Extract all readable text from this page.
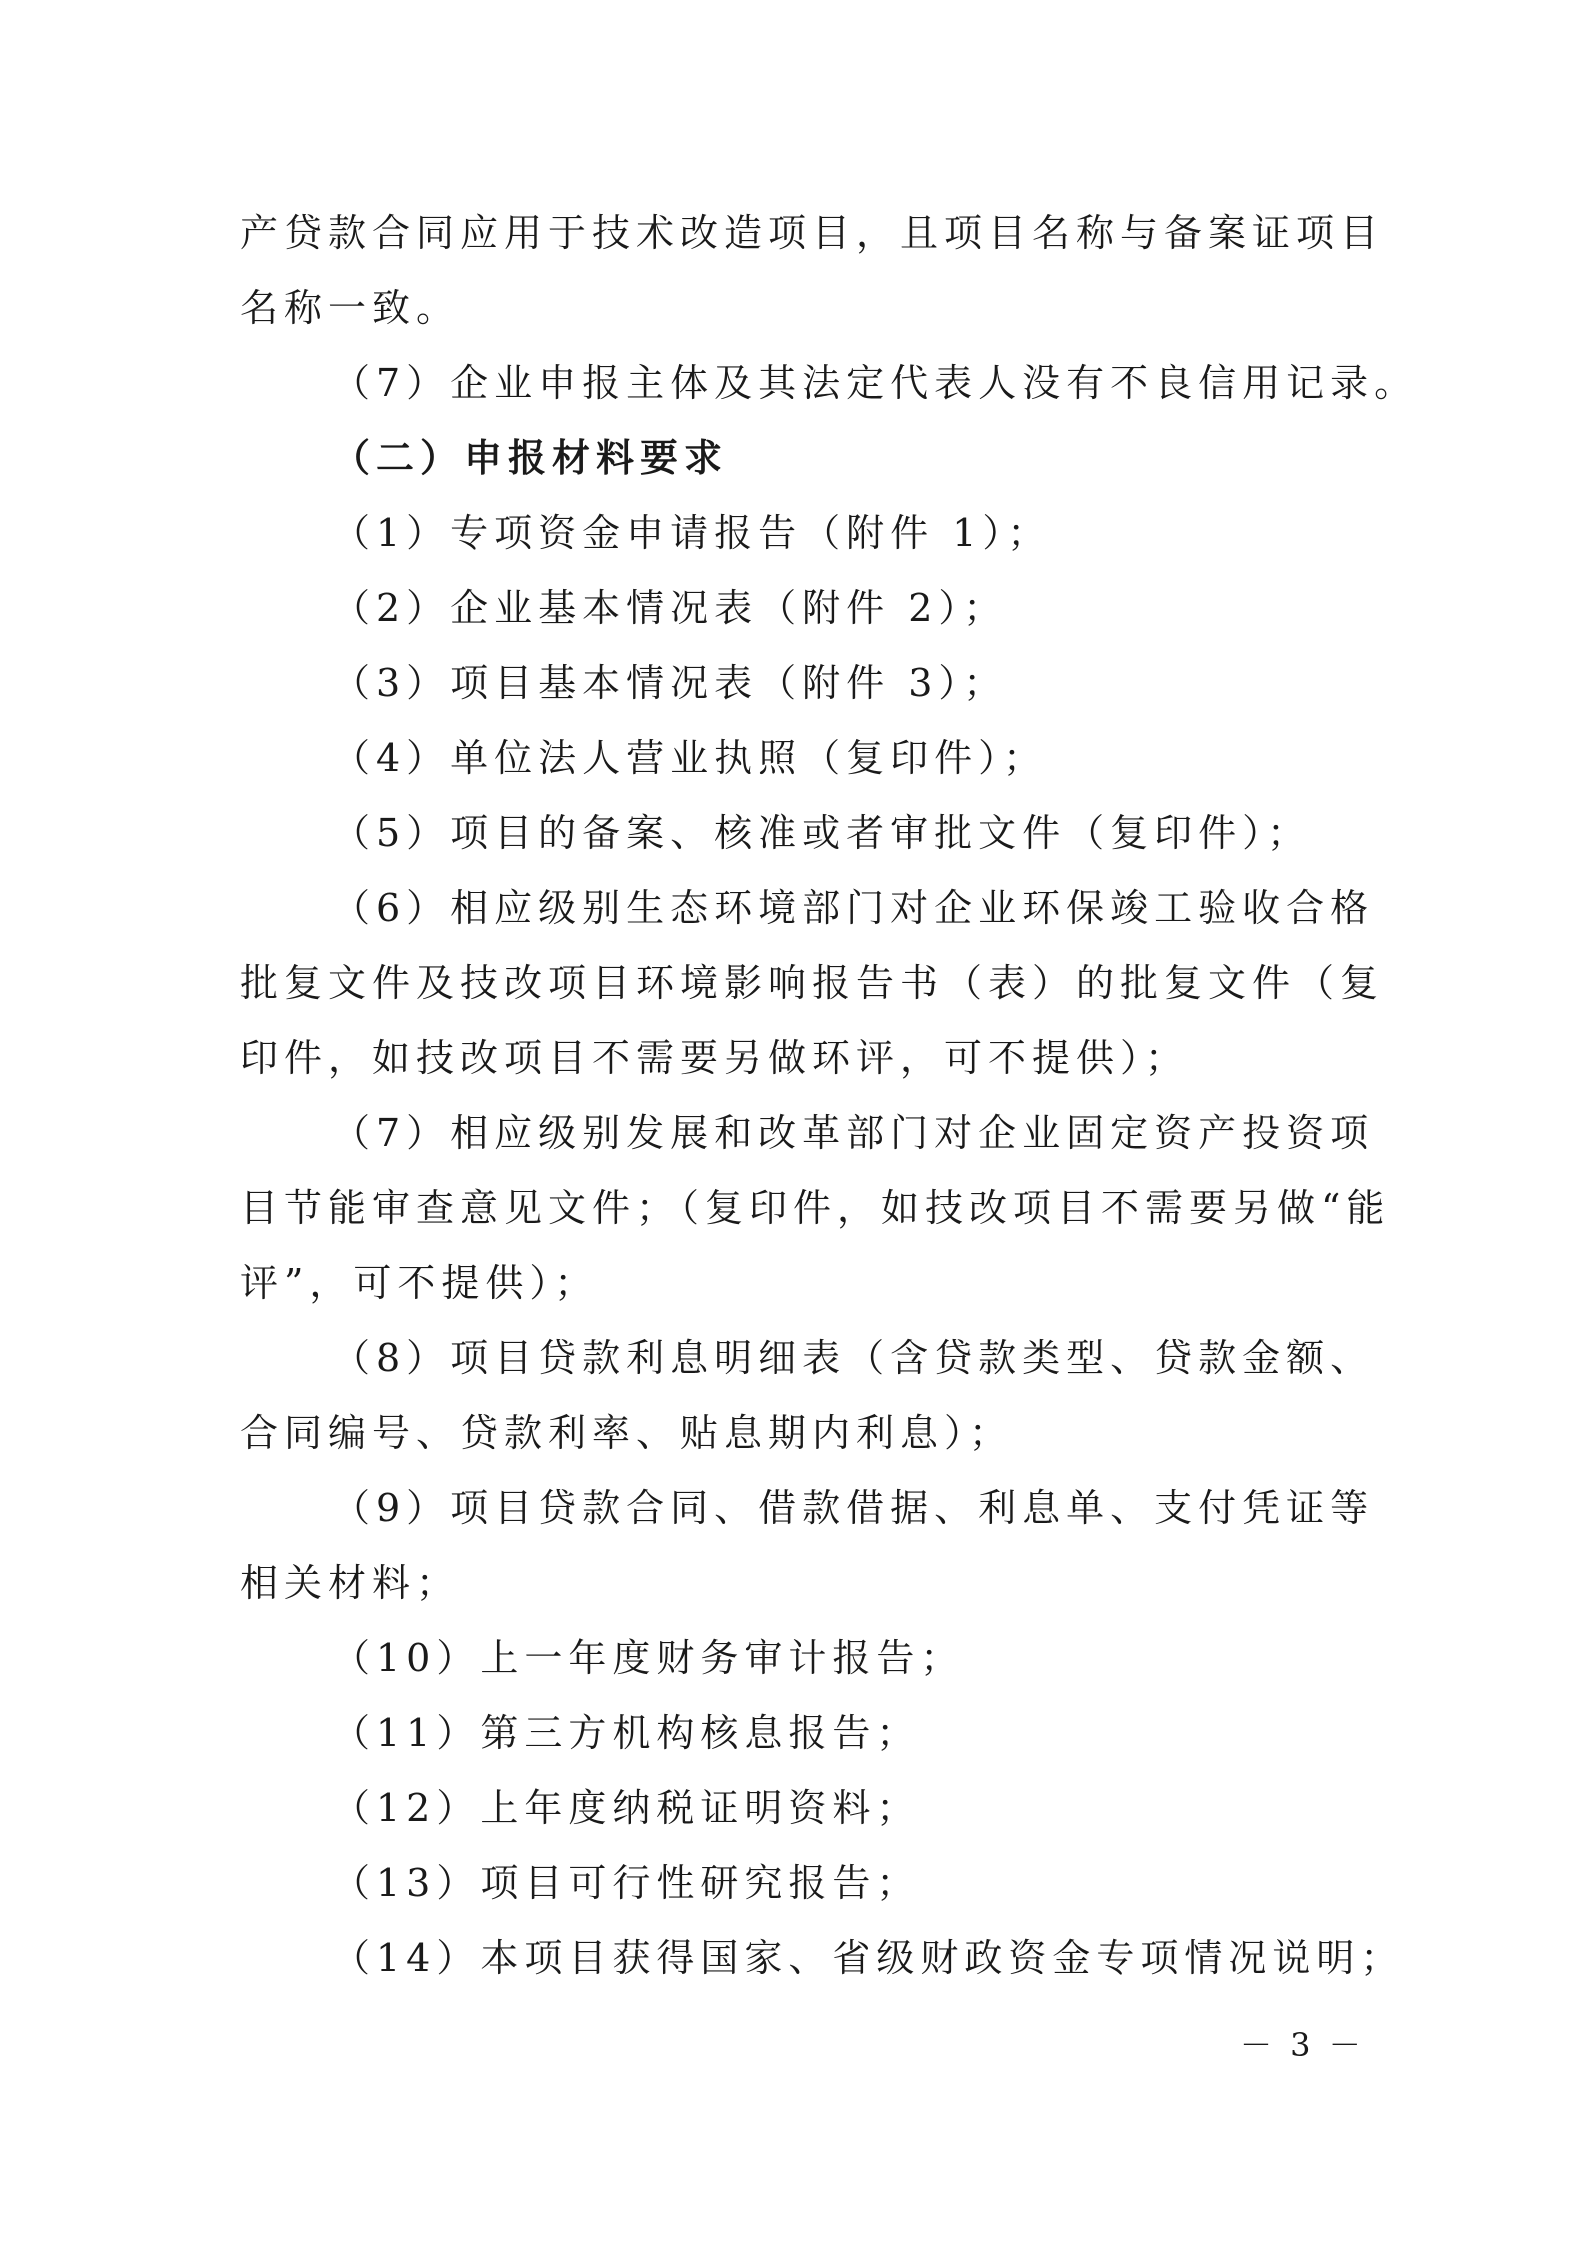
产贷款合同应用于技术改造项目，且项目名称与备案证项目
名称一致。
（7）企业申报主体及其法定代表人没有不良信用记录。
（二）申报材料要求
（1）专项资金申请报告（附件 1）；
（2）企业基本情况表（附件 2）；
（3）项目基本情况表（附件 3）；
（4）单位法人营业执照（复印件）；
（5）项目的备案、核准或者审批文件（复印件）；
（6）相应级别生态环境部门对企业环保竣工验收合格
批复文件及技改项目环境影响报告书（表）的批复文件（复
印件，如技改项目不需要另做环评，可不提供）；
（7）相应级别发展和改革部门对企业固定资产投资项
目节能审查意见文件；（复印件，如技改项目不需要另做“能
评”，可不提供）；
（8）项目贷款利息明细表（含贷款类型、贷款金额、
合同编号、贷款利率、贴息期内利息）；
（9）项目贷款合同、借款借据、利息单、支付凭证等
相关材料；
（10）上一年度财务审计报告；
（11）第三方机构核息报告；
（12）上年度纳税证明资料；
（13）项目可行性研究报告；
（14）本项目获得国家、省级财政资金专项情况说明；
－ 3 －
